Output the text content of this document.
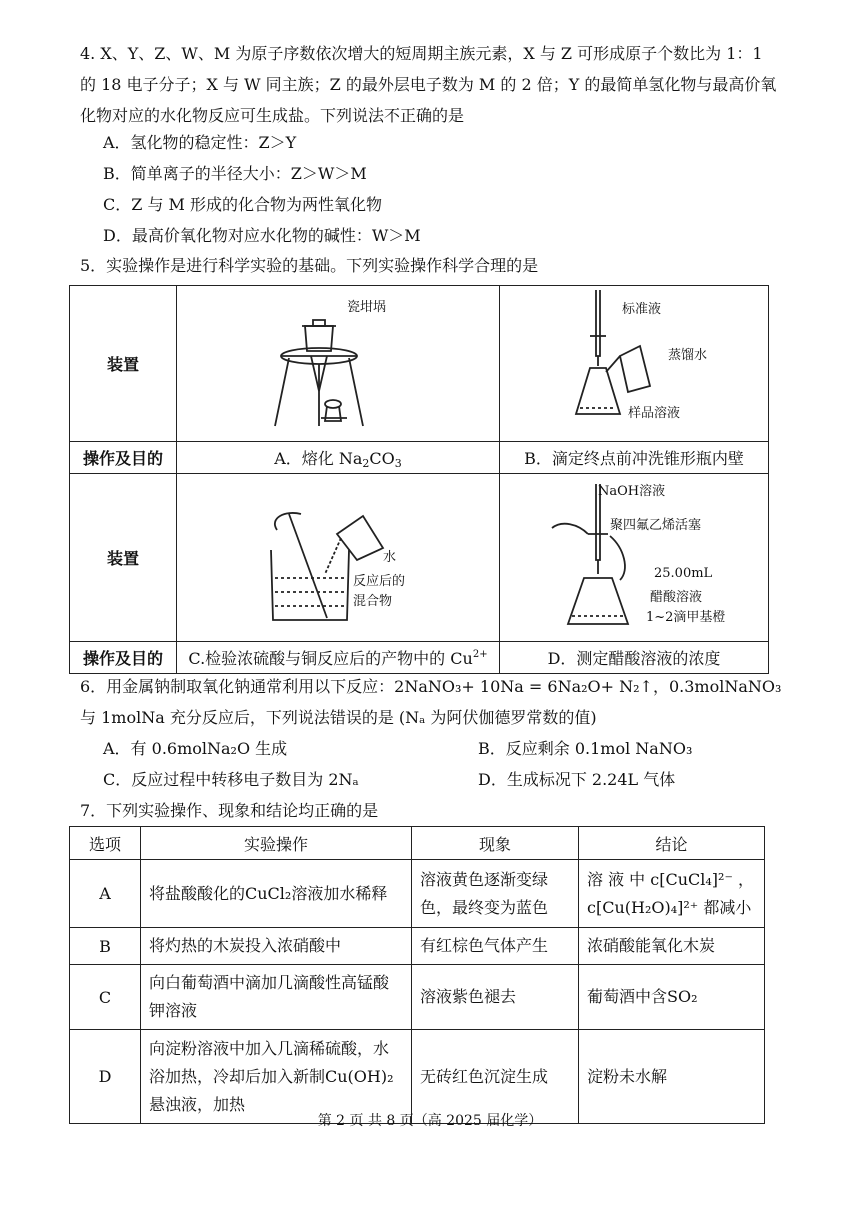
4. X、Y、Z、W、M 为原子序数依次增大的短周期主族元素，X 与 Z 可形成原子个数比为 1：1 的 18 电子分子；X 与 W 同主族；Z 的最外层电子数为 M 的 2 倍；Y 的最简单氢化物与最高价氧化物对应的水化物反应可生成盐。下列说法不正确的是
A．氢化物的稳定性：Z＞Y
B．简单离子的半径大小：Z＞W＞M
C．Z 与 M 形成的化合物为两性氧化物
D．最高价氧化物对应水化物的碱性：W＞M
5．实验操作是进行科学实验的基础。下列实验操作科学合理的是
装置	瓷坩埚	标准液
蒸馏水
样品溶液

操作及目的	A．熔化 $Na_2CO_3$	B．滴定终点前冲洗锥形瓶内壁
装置	水
反应后的
混合物	NaOH溶液
聚四氟乙烯活塞
25.00mL
醋酸溶液
1~2滴甲基橙

操作及目的	C.检验浓硫酸与铜反应后的产物中的 $Cu^{2+}$	D．测定醋酸溶液的浓度
6．用金属钠制取氧化钠通常利用以下反应：2NaNO₃+ 10Na = 6Na₂O+ N₂↑，0.3molNaNO₃
与 1molNa 充分反应后，下列说法错误的是 (Nₐ 为阿伏伽德罗常数的值)
A．有 0.6molNa₂O 生成	B．反应剩余 0.1mol NaNO₃
C．反应过程中转移电子数目为 2Nₐ	D．生成标况下 2.24L 气体
7．下列实验操作、现象和结论均正确的是
选项	实验操作	现象	结论
A	将盐酸酸化的CuCl₂溶液加水稀释	溶液黄色逐渐变绿色，最终变为蓝色	溶 液 中 c[CuCl₄]²⁻ ，
c[Cu(H₂O)₄]²⁺ 都减小

B	将灼热的木炭投入浓硝酸中	有红棕色气体产生	浓硝酸能氧化木炭

C	向白葡萄酒中滴加几滴酸性高锰酸钾溶液	溶液紫色褪去	葡萄酒中含SO₂

D	向淀粉溶液中加入几滴稀硫酸，水浴加热，冷却后加入新制Cu(OH)₂悬浊液，加热	无砖红色沉淀生成	淀粉未水解
第 2 页 共 8 页（高 2025 届化学）
